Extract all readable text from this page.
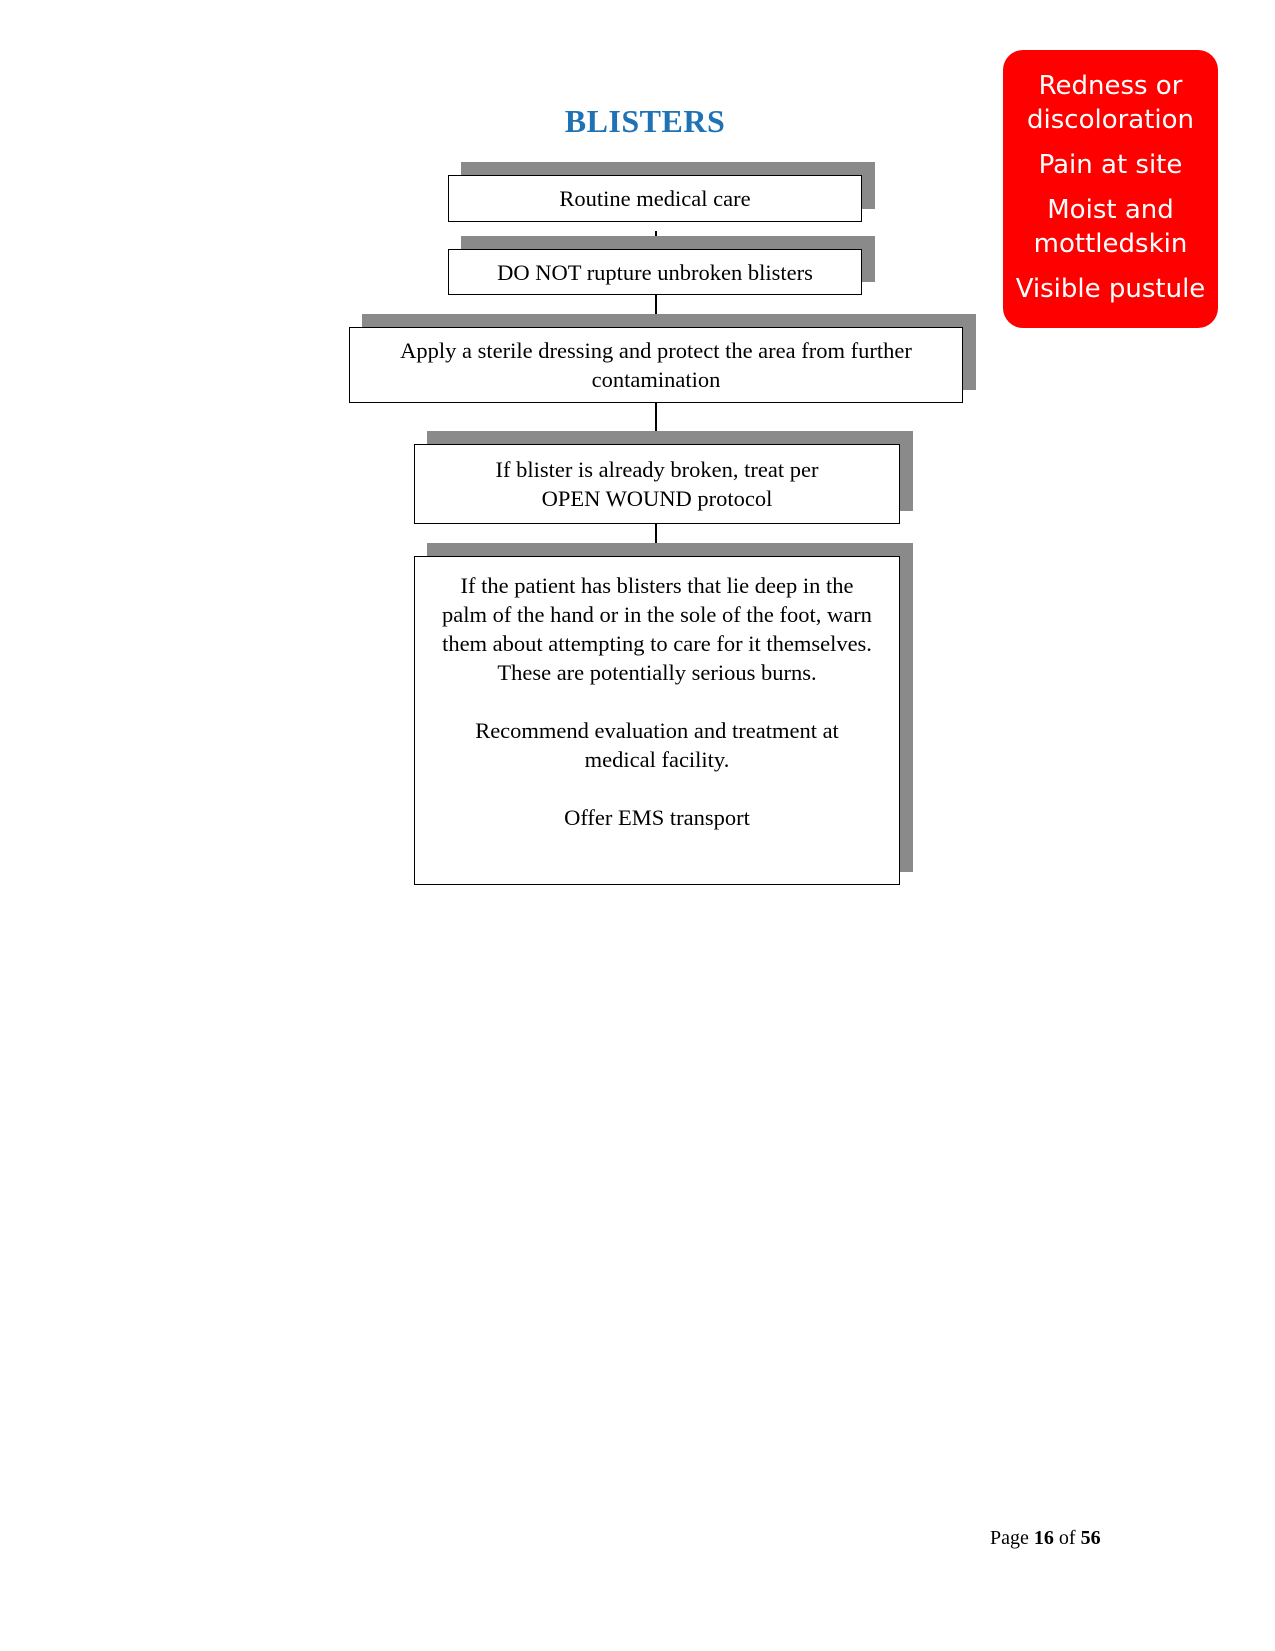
BLISTERS
Redness or discoloration
Pain at site
Moist and mottledskin
Visible pustule
Routine medical care
DO NOT rupture unbroken blisters
Apply a sterile dressing and protect the area from further contamination
If blister is already broken, treat per OPEN WOUND protocol
If the patient has blisters that lie deep in the palm of the hand or in the sole of the foot, warn them about attempting to care for it themselves. These are potentially serious burns.
Recommend evaluation and treatment at medical facility.
Offer EMS transport
Page 16 of 56
